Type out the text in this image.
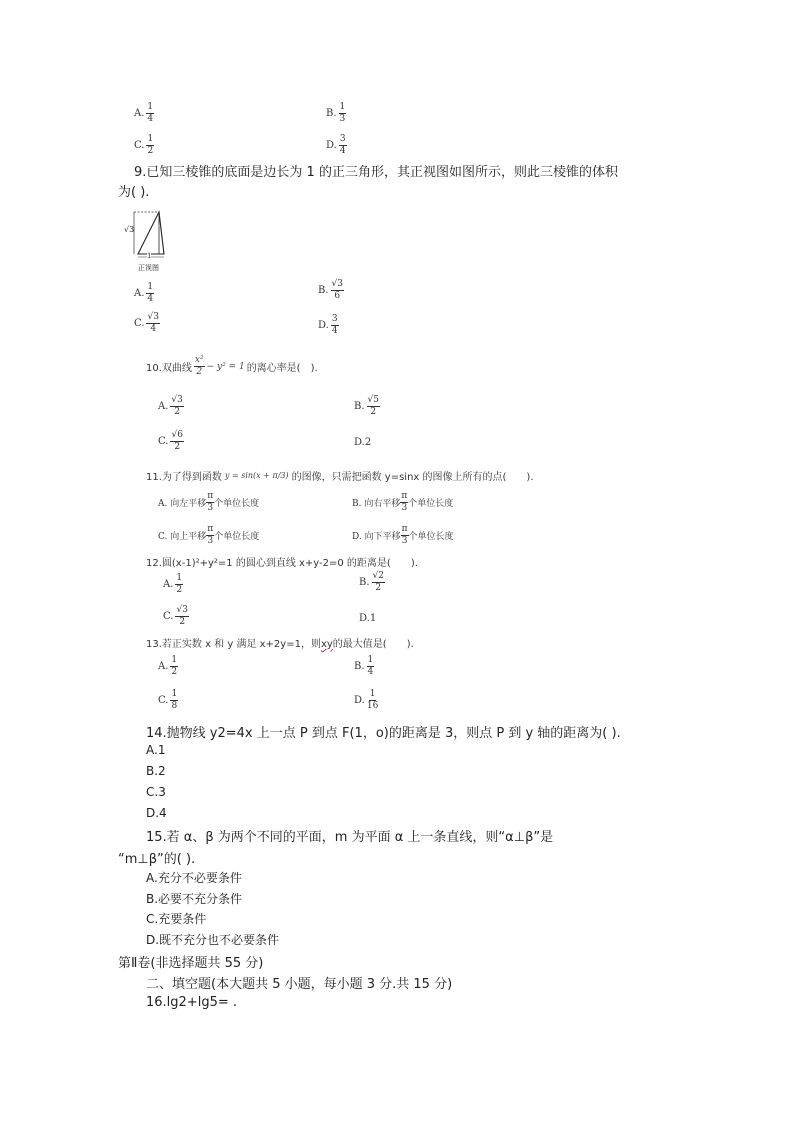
A. $\frac{1}{4}$	B. $\frac{1}{3}$
C. $\frac{1}{2}$	D. $\frac{3}{4}$
9.已知三棱锥的底面是边长为 1 的正三角形，其正视图如图所示，则此三棱锥的体积
为( ).
√3
1
正视图
A. $\frac{1}{4}$	B. $\frac{√3}{6}$
C. $\frac{√3}{4}$	D. $\frac{3}{4}$
10.双曲线 $\frac{\text{x²}}{2} - y^2 = 1$ 的离心率是(　).
A. $\frac{√3}{2}$	B. $\frac{√5}{2}$
C. $\frac{√6}{2}$	D. 2
11.为了得到函数 y = sin(x + π/3) 的图像，只需把函数 y=sinx 的图像上所有的点(　　).
A. 向左平移 $\frac{\pi}{3}$ 个单位长度	B. 向右平移 $\frac{\pi}{3}$ 个单位长度
C. 向上平移 $\frac{\pi}{3}$ 个单位长度	D. 向下平移 $\frac{\pi}{3}$ 个单位长度
12.圆(x-1)²+y²=1 的圆心到直线 x+y-2=0 的距离是(　　).
A. $\frac{1}{2}$	B. $\frac{√2}{2}$
C. $\frac{√3}{2}$	D. 1
13.若正实数 x 和 y 满足 x+2y=1，则xy的最大值是(　　).
A. $\frac{1}{2}$	B. $\frac{1}{4}$
C. $\frac{1}{8}$	D. $\frac{1}{16}$
14.抛物线 y2=4x 上一点 P 到点 F(1，o)的距离是 3，则点 P 到 y 轴的距离为( ).
A.1
B.2
C.3
D.4
15.若 α、β 为两个不同的平面，m 为平面 α 上一条直线，则“α⊥β”是
“m⊥β”的( ).
A.充分不必要条件
B.必要不充分条件
C.充要条件
D.既不充分也不必要条件
第Ⅱ卷(非选择题共 55 分)
二、填空题(本大题共 5 小题，每小题 3 分.共 15 分)
16.lg2+lg5= .
